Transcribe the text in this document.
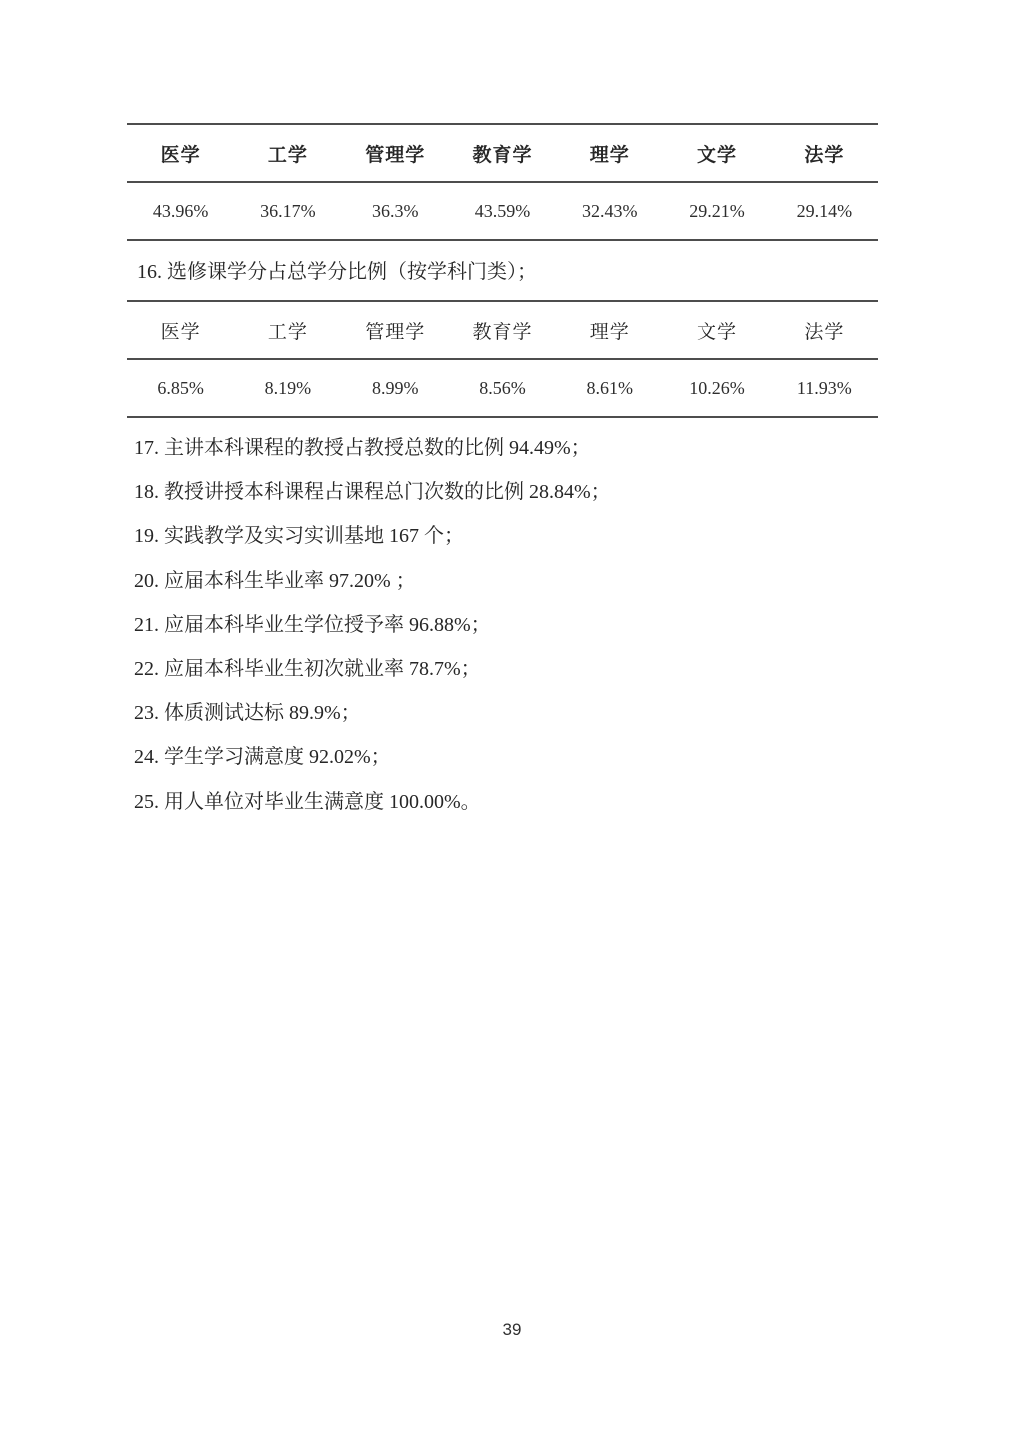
医学	工学	管理学	教育学	理学	文学	法学
43.96%	36.17%	36.3%	43.59%	32.43%	29.21%	29.14%

16. 选修课学分占总学分比例（按学科门类）；

医学	工学	管理学	教育学	理学	文学	法学
6.85%	8.19%	8.99%	8.56%	8.61%	10.26%	11.93%

17. 主讲本科课程的教授占教授总数的比例 94.49%；

18. 教授讲授本科课程占课程总门次数的比例 28.84%；

19. 实践教学及实习实训基地 167 个；

20. 应届本科生毕业率 97.20% ；

21. 应届本科毕业生学位授予率 96.88%；

22. 应届本科毕业生初次就业率 78.7%；

23. 体质测试达标 89.9%；

24. 学生学习满意度 92.02%；

25. 用人单位对毕业生满意度 100.00%。

39
